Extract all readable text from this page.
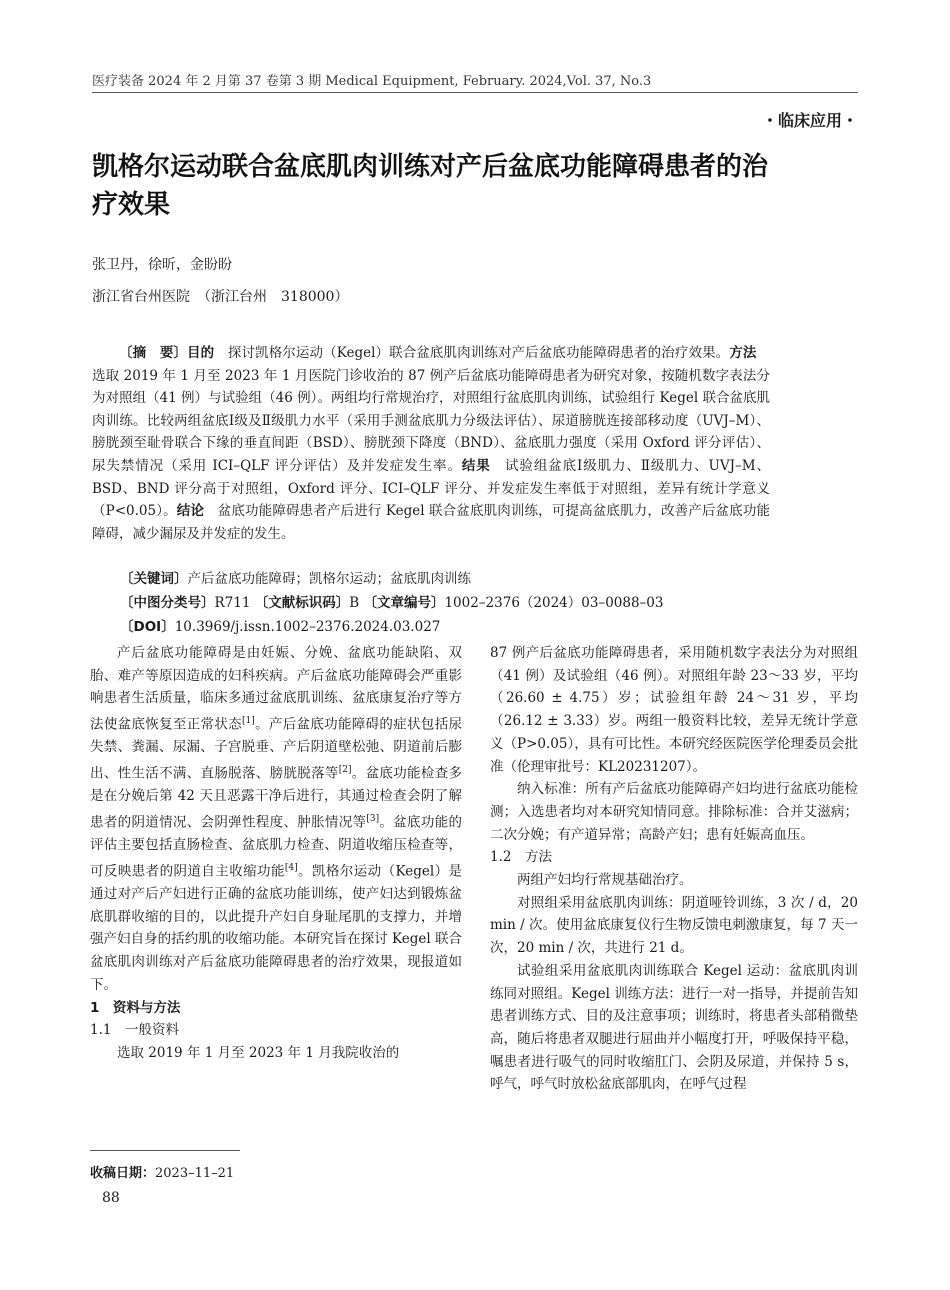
医疗装备 2024 年 2 月第 37 卷第 3 期 Medical Equipment, February. 2024,Vol. 37, No.3
・临床应用・
凯格尔运动联合盆底肌肉训练对产后盆底功能障碍患者的治疗效果
张卫丹，徐昕，金盼盼
浙江省台州医院　（浙江台州　318000）
〔摘　要〕目的　探讨凯格尔运动（Kegel）联合盆底肌肉训练对产后盆底功能障碍患者的治疗效果。方法　选取 2019 年 1 月至 2023 年 1 月医院门诊收治的 87 例产后盆底功能障碍患者为研究对象，按随机数字表法分为对照组（41 例）与试验组（46 例）。两组均行常规治疗，对照组行盆底肌肉训练，试验组行 Kegel 联合盆底肌肉训练。比较两组盆底Ⅰ级及Ⅱ级肌力水平（采用手测盆底肌力分级法评估）、尿道膀胱连接部移动度（UVJ–M）、膀胱颈至耻骨联合下缘的垂直间距（BSD）、膀胱颈下降度（BND）、盆底肌力强度（采用 Oxford 评分评估）、尿失禁情况（采用 ICI–QLF 评分评估）及并发症发生率。结果　试验组盆底Ⅰ级肌力、Ⅱ级肌力、UVJ–M、BSD、BND 评分高于对照组，Oxford 评分、ICI–QLF 评分、并发症发生率低于对照组，差异有统计学意义（P<0.05）。结论　盆底功能障碍患者产后进行 Kegel 联合盆底肌肉训练，可提高盆底肌力，改善产后盆底功能障碍，减少漏尿及并发症的发生。
〔关键词〕产后盆底功能障碍；凯格尔运动；盆底肌肉训练
〔中图分类号〕R711 〔文献标识码〕B 〔文章编号〕1002–2376（2024）03–0088–03
〔DOI〕10.3969/j.issn.1002–2376.2024.03.027

产后盆底功能障碍是由妊娠、分娩、盆底功能缺陷、双胎、难产等原因造成的妇科疾病。产后盆底功能障碍会严重影响患者生活质量，临床多通过盆底肌训练、盆底康复治疗等方法使盆底恢复至正常状态[1]。产后盆底功能障碍的症状包括尿失禁、粪漏、尿漏、子宫脱垂、产后阴道壁松弛、阴道前后膨出、性生活不满、直肠脱落、膀胱脱落等[2]。盆底功能检查多是在分娩后第 42 天且恶露干净后进行，其通过检查会阴了解患者的阴道情况、会阴弹性程度、肿胀情况等[3]。盆底功能的评估主要包括直肠检查、盆底肌力检查、阴道收缩压检查等，可反映患者的阴道自主收缩功能[4]。凯格尔运动（Kegel）是通过对产后产妇进行正确的盆底功能训练，使产妇达到锻炼盆底肌群收缩的目的，以此提升产妇自身耻尾肌的支撑力，并增强产妇自身的括约肌的收缩功能。本研究旨在探讨 Kegel 联合盆底肌肉训练对产后盆底功能障碍患者的治疗效果，现报道如下。

1　资料与方法

1.1　一般资料

选取 2019 年 1 月至 2023 年 1 月我院收治的

87 例产后盆底功能障碍患者，采用随机数字表法分为对照组（41 例）及试验组（46 例）。对照组年龄 23～33 岁，平均（26.60 ± 4.75）岁；试验组年龄 24～31 岁，平均（26.12 ± 3.33）岁。两组一般资料比较，差异无统计学意义（P>0.05），具有可比性。本研究经医院医学伦理委员会批准（伦理审批号：KL20231207）。

纳入标准：所有产后盆底功能障碍产妇均进行盆底功能检测；入选患者均对本研究知情同意。排除标准：合并艾滋病；二次分娩；有产道异常；高龄产妇；患有妊娠高血压。

1.2　方法

两组产妇均行常规基础治疗。

对照组采用盆底肌肉训练：阴道哑铃训练，3 次 / d，20 min / 次。使用盆底康复仪行生物反馈电刺激康复，每 7 天一次，20 min / 次，共进行 21 d。

试验组采用盆底肌肉训练联合 Kegel 运动：盆底肌肉训练同对照组。Kegel 训练方法：进行一对一指导，并提前告知患者训练方式、目的及注意事项；训练时，将患者头部稍微垫高，随后将患者双腿进行屈曲并小幅度打开，呼吸保持平稳，嘱患者进行吸气的同时收缩肛门、会阴及尿道，并保持 5 s，呼气，呼气时放松盆底部肌肉，在呼气过程

收稿日期：2023–11–21
88
